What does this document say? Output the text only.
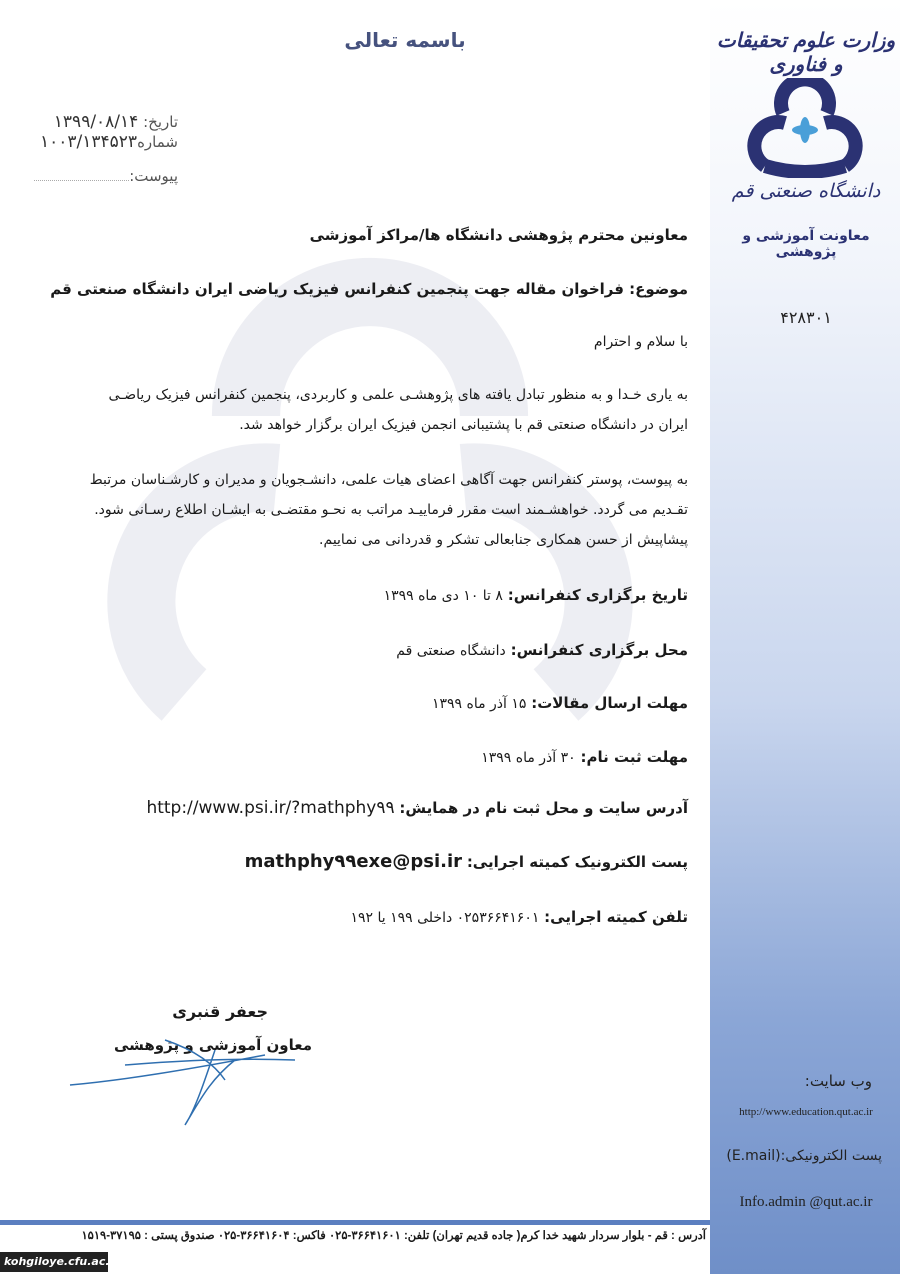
باسمه تعالی
تاریخ: ۱۳۹۹/۰۸/۱۴
شماره۱۰۰۳/۱۳۴۵۲۳
پیوست:
وزارت علوم تحقیقات و فناوری
دانشگاه صنعتی قم
معاونت آموزشی و پژوهشی
۴۲۸۳۰۱
وب سایت:
http://www.education.qut.ac.ir
پست الکترونیکی:(E.mail)
Info.admin @qut.ac.ir
معاونین محترم پژوهشی دانشگاه ها/مراکز آموزشی
موضوع: فراخوان مقاله جهت پنجمین کنفرانس فیزیک ریاضی ایران دانشگاه صنعتی قم
با سلام و احترام
به یاری خـدا و به منظور تبادل یافته های پژوهشـی علمی و کاربردی، پنجمین کنفرانس فیزیک ریاضـی
ایران در دانشگاه صنعتی قم با پشتیبانی انجمن فیزیک ایران برگزار خواهد شد.
به پیوست، پوستر کنفرانس جهت آگاهی اعضای هیات علمی، دانشـجویان و مدیران و کارشـناسان مرتبط
تقـدیم می گردد. خواهشـمند است مقرر فرماییـد مراتب به نحـو مقتضـی به ایشـان اطلاع رسـانی شود.
پیشاپیش از حسن همکاری جنابعالی تشکر و قدردانی می نماییم.
تاریخ برگزاری کنفرانس: ۸ تا ۱۰ دی ماه ۱۳۹۹
محل برگزاری کنفرانس: دانشگاه صنعتی قم
مهلت ارسال مقالات: ۱۵ آذر ماه ۱۳۹۹
مهلت ثبت نام: ۳۰ آذر ماه ۱۳۹۹
آدرس سایت و محل ثبت نام در همایش: http://www.psi.ir/?mathphy۹۹
پست الکترونیک کمیته اجرایی: mathphy۹۹exe@psi.ir
تلفن کمیته اجرایی: ۰۲۵۳۶۶۴۱۶۰۱ داخلی ۱۹۹ یا ۱۹۲
جعفر قنبری
معاون آموزشی و پژوهشی
آدرس : قم - بلوار سردار شهید خدا کرم( جاده قدیم تهران) تلفن: ۳۶۶۴۱۶۰۱-۰۲۵ فاکس: ۳۶۶۴۱۶۰۴-۰۲۵ صندوق پستی : ۳۷۱۹۵-۱۵۱۹
kohgiloye.cfu.ac.ir
